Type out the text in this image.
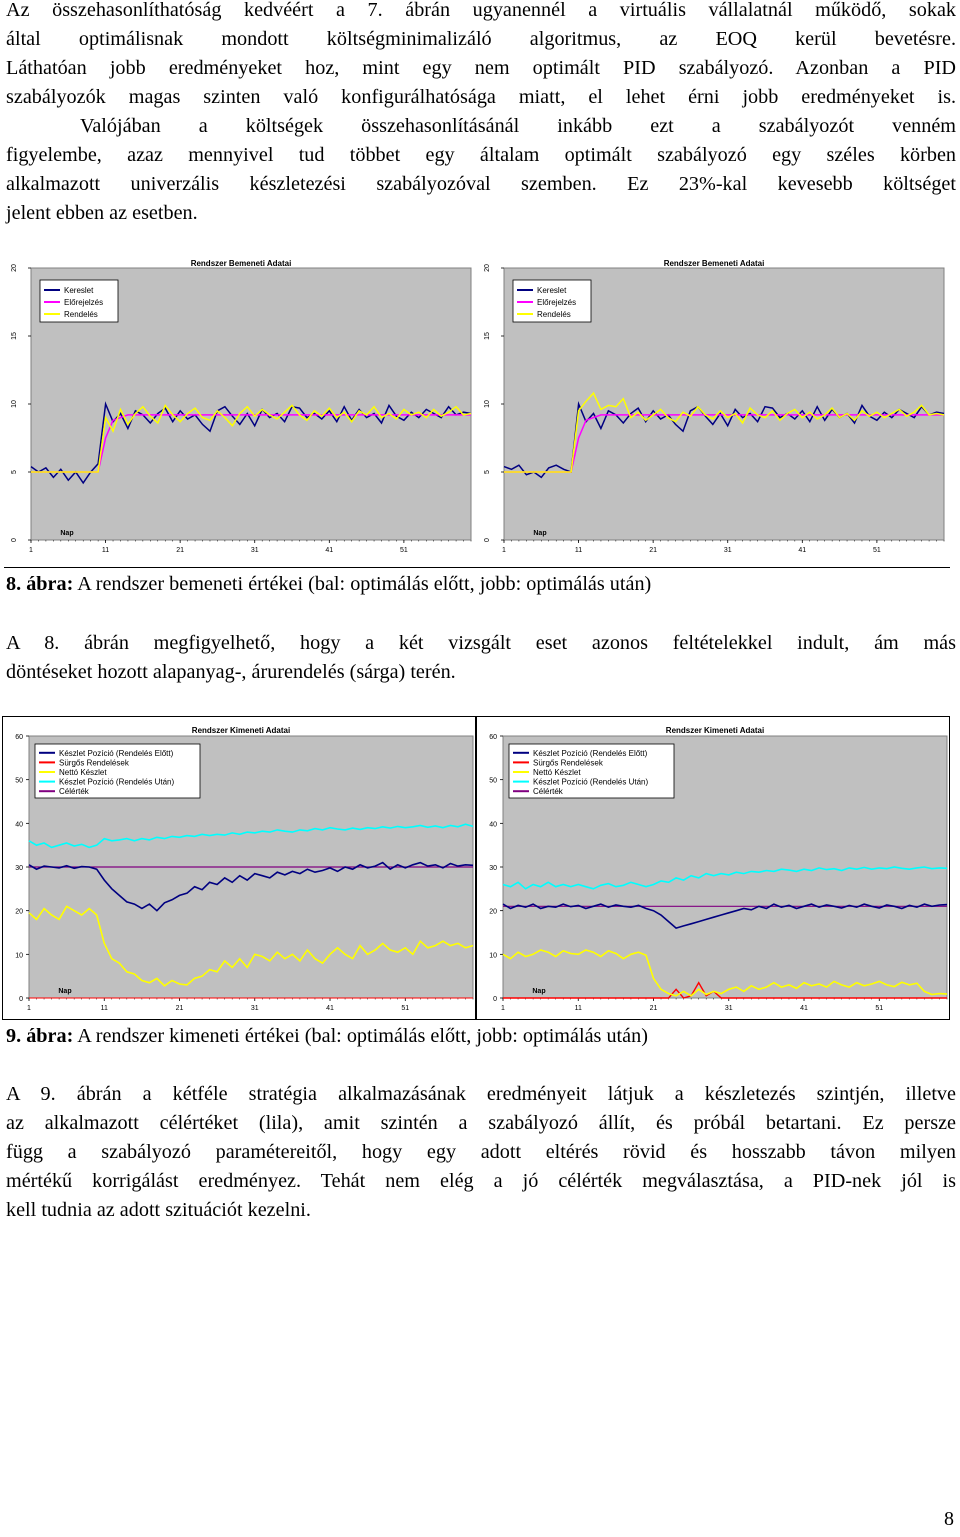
Az összehasonlíthatóság kedvéért a 7. ábrán ugyanennél a virtuális vállalatnál működő, sokak
által optimálisnak mondott költségminimalizáló algoritmus, az EOQ kerül bevetésre.
Láthatóan jobb eredményeket hoz, mint egy nem optimált PID szabályozó. Azonban a PID
szabályozók magas szinten való konfigurálhatósága miatt, el lehet érni jobb eredményeket is.
Valójában a költségek összehasonlításánál inkább ezt a szabályozót venném
figyelembe, azaz mennyivel tud többet egy általam optimált szabályozó egy széles körben
alkalmazott univerzális készletezési szabályozóval szemben. Ez 23%-kal kevesebb költséget
jelent ebben az esetben.
0
5
10
15
20
1	11	21	31	41	51
Rendszer Bemeneti Adatai
Nap
Kereslet
Előrejelzés
Rendelés
0
5
10
15
20
1	11	21	31	41	51
Rendszer Bemeneti Adatai
Nap
Kereslet
Előrejelzés
Rendelés

8. ábra: A rendszer bemeneti értékei (bal: optimálás előtt, jobb: optimálás után)

A 8. ábrán megfigyelhető, hogy a két vizsgált eset azonos feltételekkel indult, ám más
döntéseket hozott alapanyag-, árurendelés (sárga) terén.
0
10
20
30
40
50
60
1	11	21	31	41	51
Rendszer Kimeneti Adatai
Nap
Készlet Pozíció (Rendelés Előtt)
Sürgős Rendelések
Nettó Készlet
Készlet Pozíció (Rendelés Után)
Célérték
0
10
20
30
40
50
60
1	11	21	31	41	51
Rendszer Kimeneti Adatai
Nap
Készlet Pozíció (Rendelés Előtt)
Sürgős Rendelések
Nettó Készlet
Készlet Pozíció (Rendelés Után)
Célérték

9. ábra: A rendszer kimeneti értékei (bal: optimálás előtt, jobb: optimálás után)

A 9. ábrán a kétféle stratégia alkalmazásának eredményeit látjuk a készletezés szintjén, illetve
az alkalmazott célértéket (lila), amit szintén a szabályozó állít, és próbál betartani. Ez persze
függ a szabályozó paramétereitől, hogy egy adott eltérés rövid és hosszabb távon milyen
mértékű korrigálást eredményez. Tehát nem elég a jó célérték megválasztása, a PID-nek jól is
kell tudnia az adott szituációt kezelni.
8
